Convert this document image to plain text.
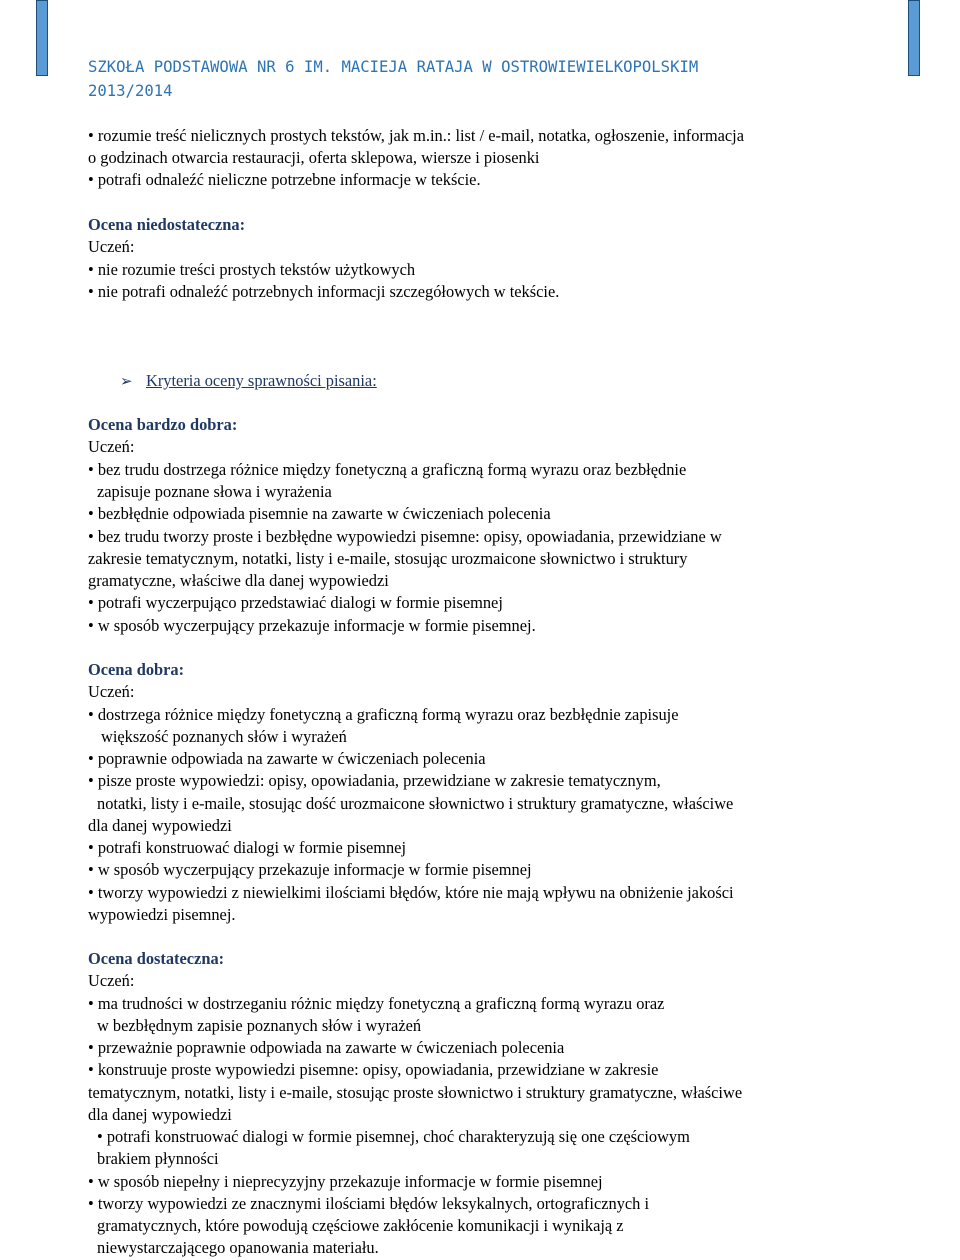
SZKOŁA PODSTAWOWA NR 6 IM. MACIEJA RATAJA W OSTROWIEWIELKOPOLSKIM
2013/2014
• rozumie treść nielicznych prostych tekstów, jak m.in.: list / e-mail, notatka, ogłoszenie, informacja
o godzinach otwarcia restauracji, oferta sklepowa, wiersze i piosenki
• potrafi odnaleźć nieliczne potrzebne informacje w tekście.
Ocena niedostateczna:
Uczeń:
• nie rozumie treści prostych tekstów użytkowych
• nie potrafi odnaleźć potrzebnych informacji szczegółowych w tekście.
➢ Kryteria oceny sprawności pisania:
Ocena bardzo dobra:
Uczeń:
• bez trudu dostrzega różnice między fonetyczną a graficzną formą wyrazu oraz bezbłędnie
zapisuje poznane słowa i wyrażenia
• bezbłędnie odpowiada pisemnie na zawarte w ćwiczeniach polecenia
• bez trudu tworzy proste i bezbłędne wypowiedzi pisemne: opisy, opowiadania, przewidziane w
zakresie tematycznym, notatki, listy i e-maile, stosując urozmaicone słownictwo i struktury
gramatyczne, właściwe dla danej wypowiedzi
• potrafi wyczerpująco przedstawiać dialogi w formie pisemnej
• w sposób wyczerpujący przekazuje informacje w formie pisemnej.
Ocena dobra:
Uczeń:
• dostrzega różnice między fonetyczną a graficzną formą wyrazu oraz bezbłędnie zapisuje
większość poznanych słów i wyrażeń
• poprawnie odpowiada na zawarte w ćwiczeniach polecenia
• pisze proste wypowiedzi: opisy, opowiadania, przewidziane w zakresie tematycznym,
notatki, listy i e-maile, stosując dość urozmaicone słownictwo i struktury gramatyczne, właściwe
dla danej wypowiedzi
• potrafi konstruować dialogi w formie pisemnej
• w sposób wyczerpujący przekazuje informacje w formie pisemnej
• tworzy wypowiedzi z niewielkimi ilościami błędów, które nie mają wpływu na obniżenie jakości
wypowiedzi pisemnej.
Ocena dostateczna:
Uczeń:
• ma trudności w dostrzeganiu różnic między fonetyczną a graficzną formą wyrazu oraz
w bezbłędnym zapisie poznanych słów i wyrażeń
• przeważnie poprawnie odpowiada na zawarte w ćwiczeniach polecenia
• konstruuje proste wypowiedzi pisemne: opisy, opowiadania, przewidziane w zakresie
tematycznym, notatki, listy i e-maile, stosując proste słownictwo i struktury gramatyczne, właściwe
dla danej wypowiedzi
• potrafi konstruować dialogi w formie pisemnej, choć charakteryzują się one częściowym
brakiem płynności
• w sposób niepełny i nieprecyzyjny przekazuje informacje w formie pisemnej
• tworzy wypowiedzi ze znacznymi ilościami błędów leksykalnych, ortograficznych i
gramatycznych, które powodują częściowe zakłócenie komunikacji i wynikają z
niewystarczającego opanowania materiału.
